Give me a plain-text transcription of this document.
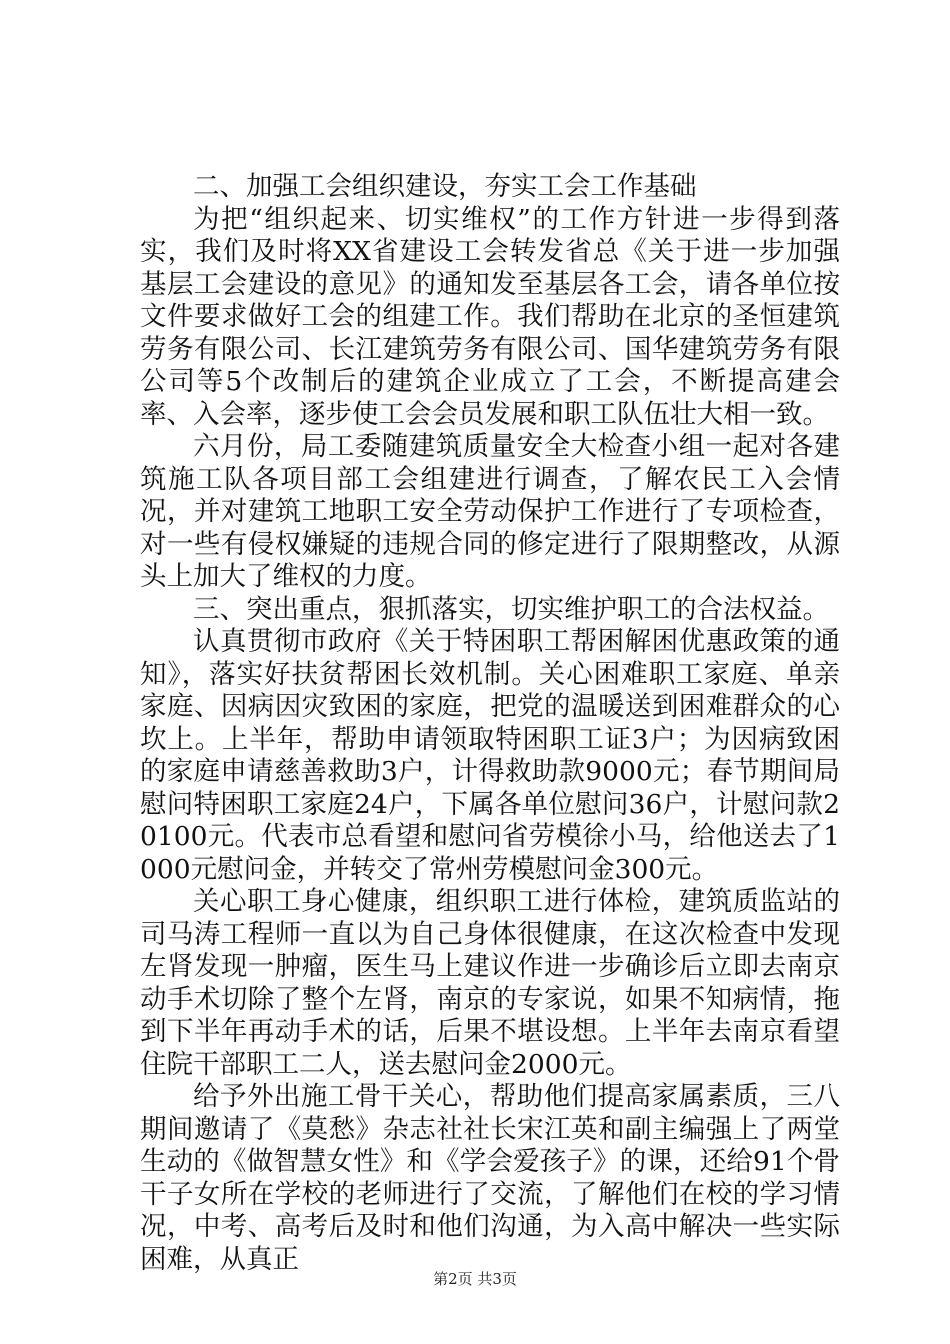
二、加强工会组织建设，夯实工会工作基础

为把“组织起来、切实维权”的工作方针进一步得到落实，我们及时将XX省建设工会转发省总《关于进一步加强基层工会建设的意见》的通知发至基层各工会，请各单位按文件要求做好工会的组建工作。我们帮助在北京的圣恒建筑劳务有限公司、长江建筑劳务有限公司、国华建筑劳务有限公司等5个改制后的建筑企业成立了工会，不断提高建会率、入会率，逐步使工会会员发展和职工队伍壮大相一致。

六月份，局工委随建筑质量安全大检查小组一起对各建筑施工队各项目部工会组建进行调查，了解农民工入会情况，并对建筑工地职工安全劳动保护工作进行了专项检查，对一些有侵权嫌疑的违规合同的修定进行了限期整改，从源头上加大了维权的力度。

三、突出重点，狠抓落实，切实维护职工的合法权益。

认真贯彻市政府《关于特困职工帮困解困优惠政策的通知》，落实好扶贫帮困长效机制。关心困难职工家庭、单亲家庭、因病因灾致困的家庭，把党的温暖送到困难群众的心坎上。上半年，帮助申请领取特困职工证3户；为因病致困的家庭申请慈善救助3户，计得救助款9000元；春节期间局慰问特困职工家庭24户，下属各单位慰问36户，计慰问款20100元。代表市总看望和慰问省劳模徐小马，给他送去了1000元慰问金，并转交了常州劳模慰问金300元。

关心职工身心健康，组织职工进行体检，建筑质监站的司马涛工程师一直以为自己身体很健康，在这次检查中发现左肾发现一肿瘤，医生马上建议作进一步确诊后立即去南京动手术切除了整个左肾，南京的专家说，如果不知病情，拖到下半年再动手术的话，后果不堪设想。上半年去南京看望住院干部职工二人，送去慰问金2000元。

给予外出施工骨干关心，帮助他们提高家属素质，三八期间邀请了《莫愁》杂志社社长宋江英和副主编强上了两堂生动的《做智慧女性》和《学会爱孩子》的课，还给91个骨干子女所在学校的老师进行了交流，了解他们在校的学习情况，中考、高考后及时和他们沟通，为入高中解决一些实际困难，从真正

第2页 共3页
